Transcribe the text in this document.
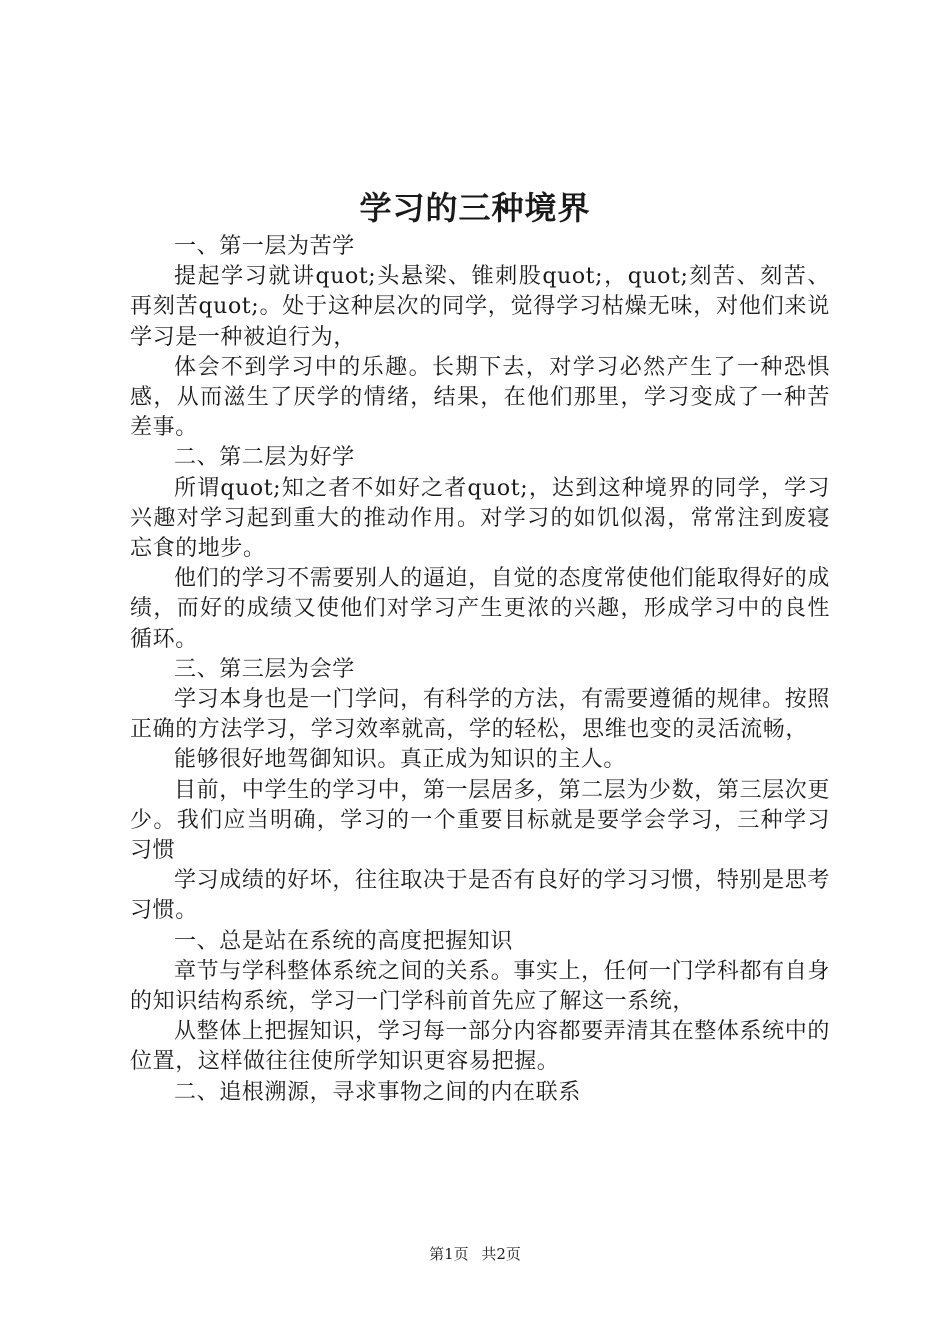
学习的三种境界

一、第一层为苦学

提起学习就讲quot;头悬梁、锥刺股quot;，quot;刻苦、刻苦、再刻苦quot;。处于这种层次的同学，觉得学习枯燥无味，对他们来说学习是一种被迫行为，

体会不到学习中的乐趣。长期下去，对学习必然产生了一种恐惧感，从而滋生了厌学的情绪，结果，在他们那里，学习变成了一种苦差事。

二、第二层为好学

所谓quot;知之者不如好之者quot;，达到这种境界的同学，学习兴趣对学习起到重大的推动作用。对学习的如饥似渴，常常注到废寝忘食的地步。

他们的学习不需要别人的逼迫，自觉的态度常使他们能取得好的成绩，而好的成绩又使他们对学习产生更浓的兴趣，形成学习中的良性循环。

三、第三层为会学

学习本身也是一门学问，有科学的方法，有需要遵循的规律。按照正确的方法学习，学习效率就高，学的轻松，思维也变的灵活流畅，

能够很好地驾御知识。真正成为知识的主人。

目前，中学生的学习中，第一层居多，第二层为少数，第三层次更少。我们应当明确，学习的一个重要目标就是要学会学习，三种学习习惯

学习成绩的好坏，往往取决于是否有良好的学习习惯，特别是思考习惯。

一、总是站在系统的高度把握知识

章节与学科整体系统之间的关系。事实上，任何一门学科都有自身的知识结构系统，学习一门学科前首先应了解这一系统，

从整体上把握知识，学习每一部分内容都要弄清其在整体系统中的位置，这样做往往使所学知识更容易把握。

二、追根溯源，寻求事物之间的内在联系

第1页 共2页
